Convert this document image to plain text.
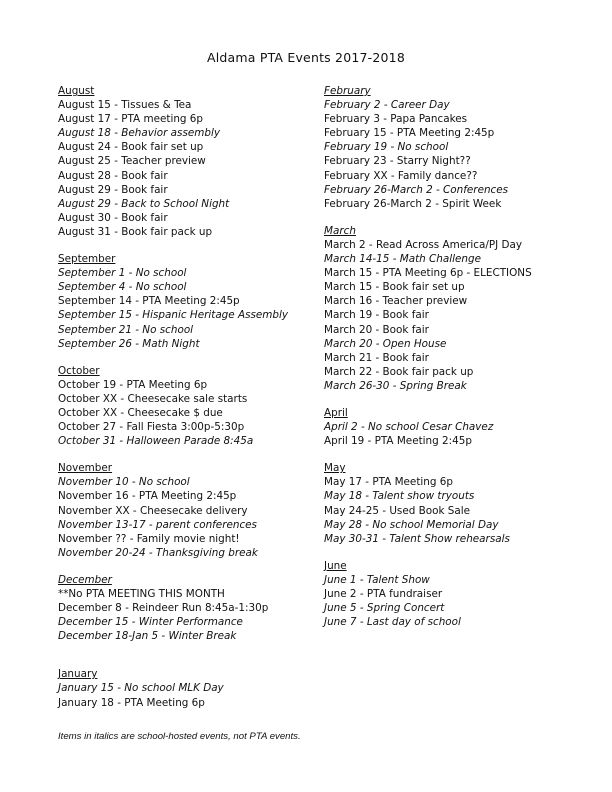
Aldama PTA Events 2017-2018
August
August 15 - Tissues & Tea
August 17 - PTA meeting 6p
August 18 - Behavior assembly
August 24 - Book fair set up
August 25 - Teacher preview
August 28 - Book fair
August 29 - Book fair
August 29 - Back to School Night
August 30 - Book fair
August 31 - Book fair pack up
September
September 1 - No school
September 4 - No school
September 14 - PTA Meeting 2:45p
September 15 - Hispanic Heritage Assembly
September 21 - No school
September 26 - Math Night
October
October 19 - PTA Meeting 6p
October XX - Cheesecake sale starts
October XX - Cheesecake $ due
October 27 - Fall Fiesta 3:00p-5:30p
October 31 - Halloween Parade 8:45a
November
November 10 - No school
November 16 - PTA Meeting 2:45p
November XX - Cheesecake delivery
November 13-17 - parent conferences
November ?? - Family movie night!
November 20-24 - Thanksgiving break
December
**No PTA MEETING THIS MONTH
December 8 - Reindeer Run 8:45a-1:30p
December 15 - Winter Performance
December 18-Jan 5 - Winter Break
January
January 15 - No school MLK Day
January 18 - PTA Meeting 6p
February
February 2 - Career Day
February 3 - Papa Pancakes
February 15 - PTA Meeting 2:45p
February 19 - No school
February 23 - Starry Night??
February XX - Family dance??
February 26-March 2 - Conferences
February 26-March 2 - Spirit Week
March
March 2 - Read Across America/PJ Day
March 14-15 - Math Challenge
March 15 - PTA Meeting 6p - ELECTIONS
March 15 - Book fair set up
March 16 - Teacher preview
March 19 - Book fair
March 20 - Book fair
March 20 - Open House
March 21 - Book fair
March 22 - Book fair pack up
March 26-30 - Spring Break
April
April 2 - No school Cesar Chavez
April 19 - PTA Meeting 2:45p
May
May 17 - PTA Meeting 6p
May 18 - Talent show tryouts
May 24-25 - Used Book Sale
May 28 - No school Memorial Day
May 30-31 - Talent Show rehearsals
June
June 1 - Talent Show
June 2 - PTA fundraiser
June 5 - Spring Concert
June 7 - Last day of school
Items in italics are school-hosted events, not PTA events.
